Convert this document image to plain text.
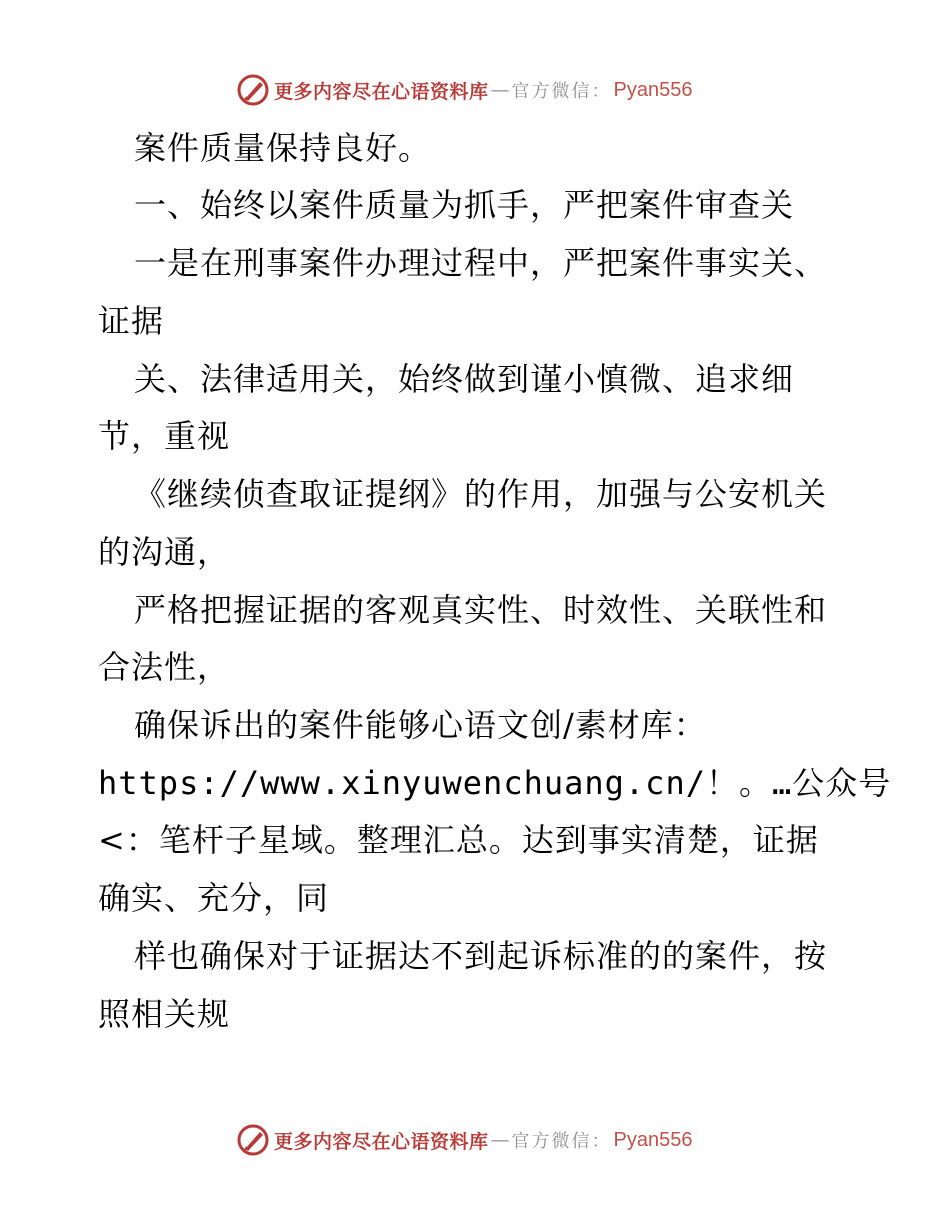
更多内容尽在心语资料库 — 官方微信： Pyan556
案件质量保持良好。
一、始终以案件质量为抓手，严把案件审查关
一是在刑事案件办理过程中，严把案件事实关、
证据
关、法律适用关，始终做到谨小慎微、追求细
节，重视
《继续侦查取证提纲》的作用，加强与公安机关
的沟通，
严格把握证据的客观真实性、时效性、关联性和
合法性，
确保诉出的案件能够心语文创/素材库：
https://www.xinyuwenchuang.cn/！。…公众号
<：笔杆子星域。整理汇总。达到事实清楚，证据
确实、充分，同
样也确保对于证据达不到起诉标准的的案件，按
照相关规
更多内容尽在心语资料库 — 官方微信： Pyan556
